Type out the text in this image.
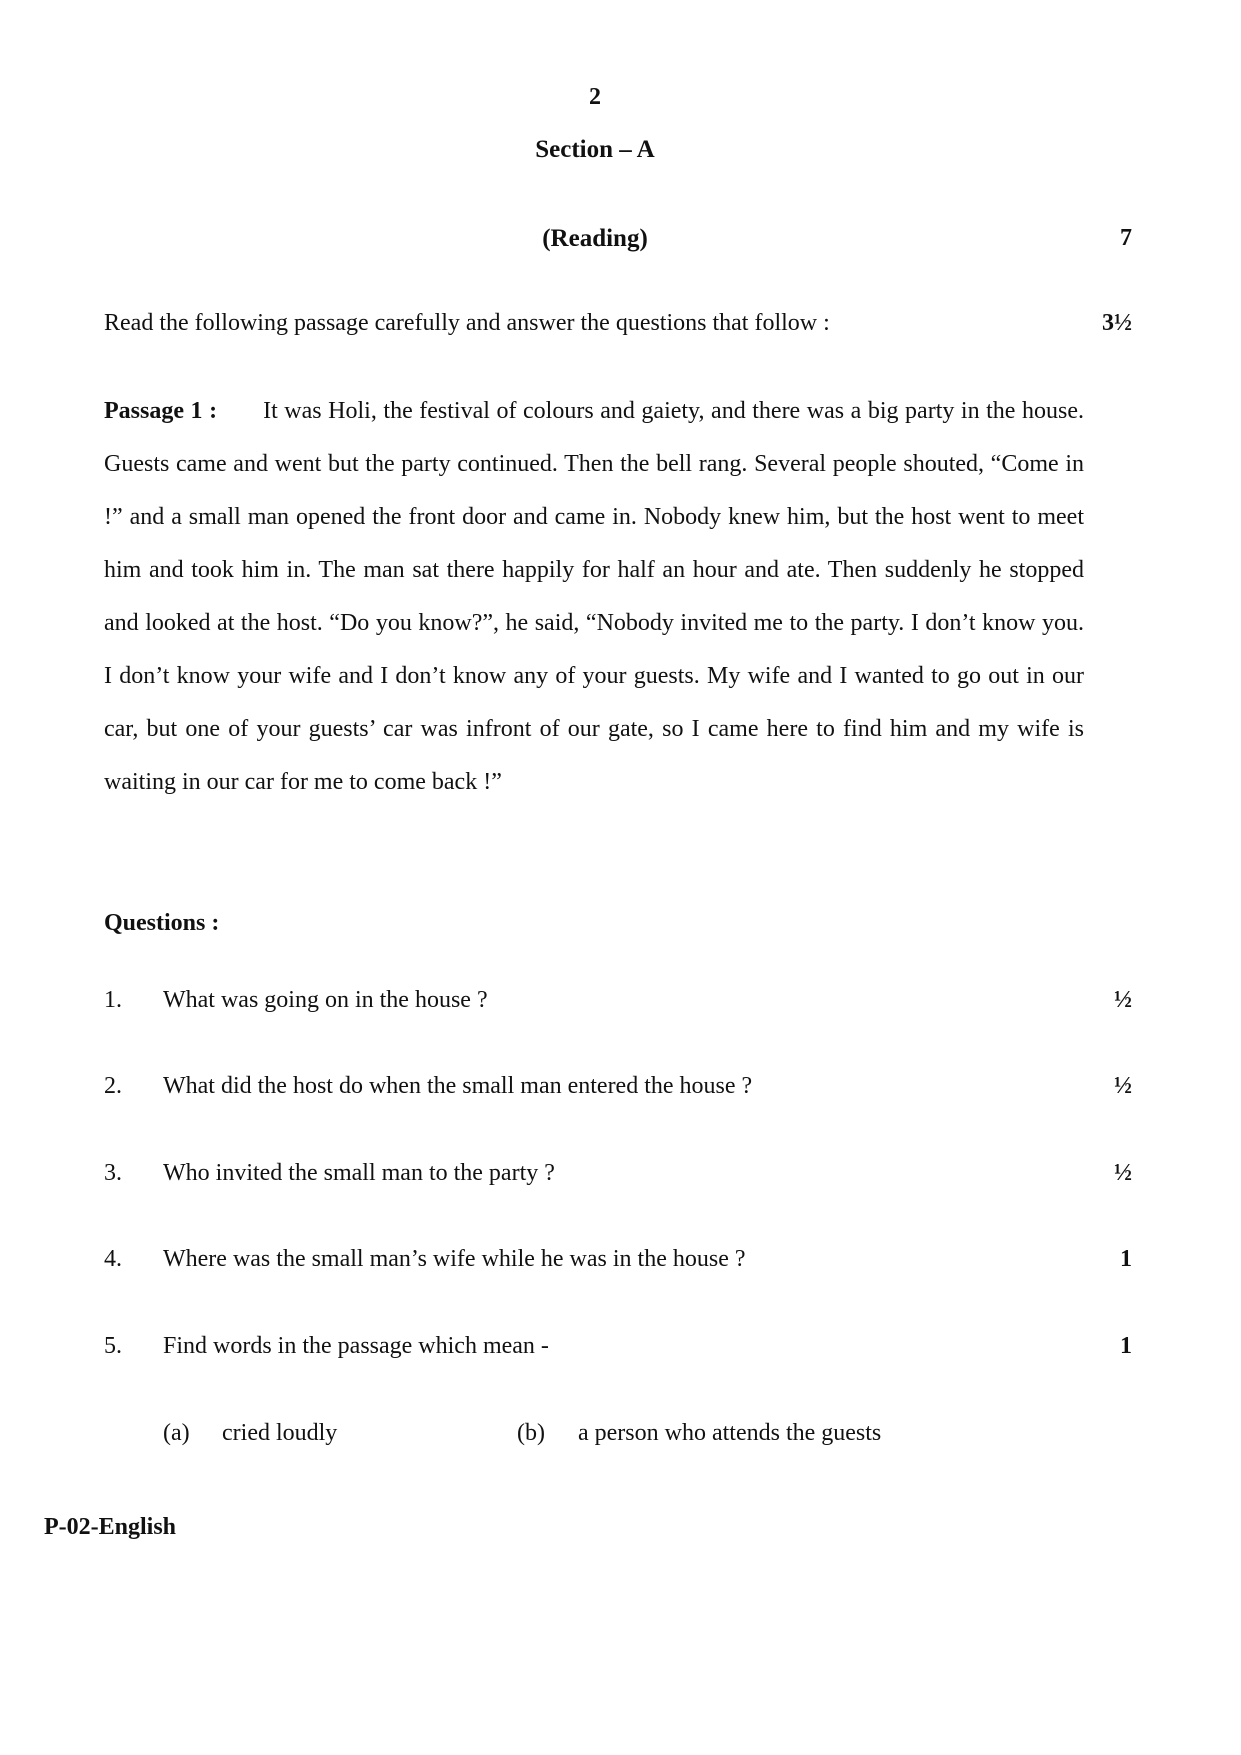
2
Section – A
(Reading)	7
Read the following passage carefully and answer the questions that follow :	3½
Passage 1 : It was Holi, the festival of colours and gaiety, and there was a big party in the house. Guests came and went but the party continued. Then the bell rang. Several people shouted, “Come in !” and a small man opened the front door and came in. Nobody knew him, but the host went to meet him and took him in. The man sat there happily for half an hour and ate. Then suddenly he stopped and looked at the host. “Do you know?”, he said, “Nobody invited me to the party. I don’t know you. I don’t know your wife and I don’t know any of your guests. My wife and I wanted to go out in our car, but one of your guests’ car was infront of our gate, so I came here to find him and my wife is waiting in our car for me to come back !”
Questions :
1. What was going on in the house ?	½
2. What did the host do when the small man entered the house ?	½
3. Who invited the small man to the party ?	½
4. Where was the small man’s wife while he was in the house ?	1
5. Find words in the passage which mean -	1
(a) cried loudly	(b) a person who attends the guests
P-02-English
